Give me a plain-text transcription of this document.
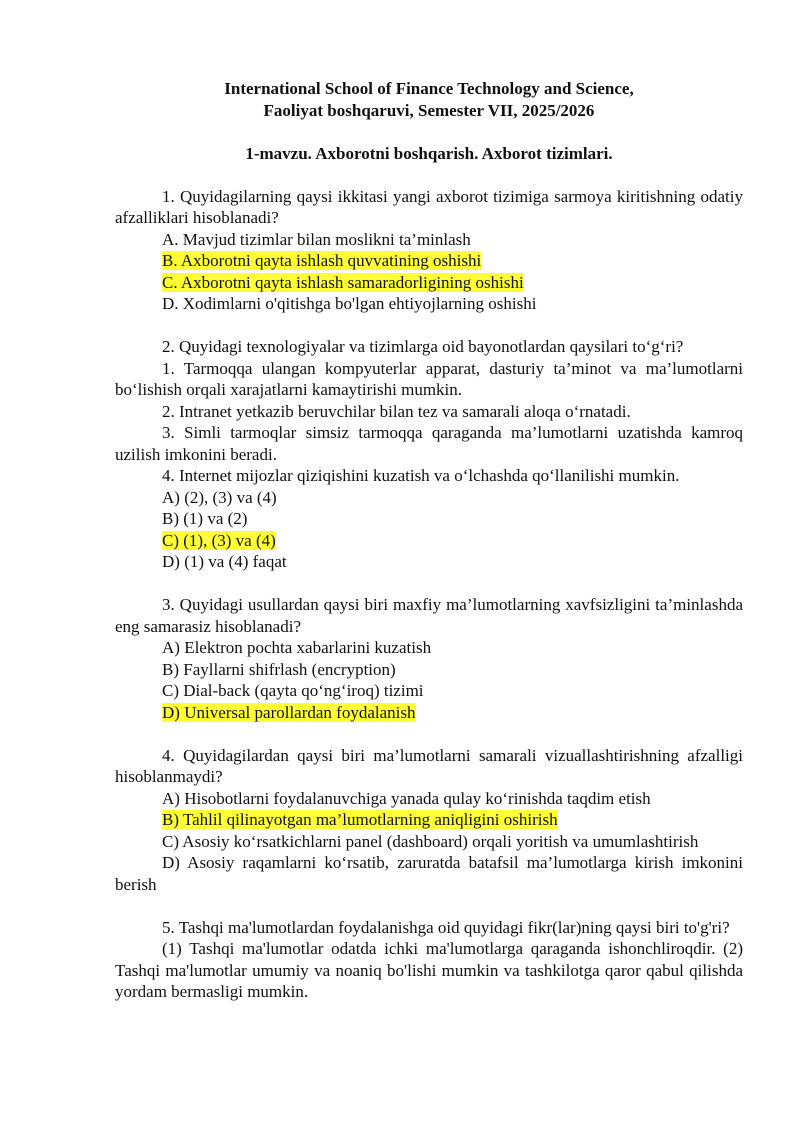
International School of Finance Technology and Science,
Faoliyat boshqaruvi, Semester VII, 2025/2026
1-mavzu. Axborotni boshqarish. Axborot tizimlari.
1. Quyidagilarning qaysi ikkitasi yangi axborot tizimiga sarmoya kiritishning odatiy afzalliklari hisoblanadi?
A. Mavjud tizimlar bilan moslikni ta’minlash
B. Axborotni qayta ishlash quvvatining oshishi
C. Axborotni qayta ishlash samaradorligining oshishi
D. Xodimlarni o'qitishga bo'lgan ehtiyojlarning oshishi
2. Quyidagi texnologiyalar va tizimlarga oid bayonotlardan qaysilari to‘g‘ri?
1. Tarmoqqa ulangan kompyuterlar apparat, dasturiy ta’minot va ma’lumotlarni bo‘lishish orqali xarajatlarni kamaytirishi mumkin.
2. Intranet yetkazib beruvchilar bilan tez va samarali aloqa o‘rnatadi.
3. Simli tarmoqlar simsiz tarmoqqa qaraganda ma’lumotlarni uzatishda kamroq uzilish imkonini beradi.
4. Internet mijozlar qiziqishini kuzatish va o‘lchashda qo‘llanilishi mumkin.
A) (2), (3) va (4)
B) (1) va (2)
C) (1), (3) va (4)
D) (1) va (4) faqat
3. Quyidagi usullardan qaysi biri maxfiy ma’lumotlarning xavfsizligini ta’minlashda eng samarasiz hisoblanadi?
A) Elektron pochta xabarlarini kuzatish
B) Fayllarni shifrlash (encryption)
C) Dial-back (qayta qo‘ng‘iroq) tizimi
D) Universal parollardan foydalanish
4. Quyidagilardan qaysi biri ma’lumotlarni samarali vizuallashtirishning afzalligi hisoblanmaydi?
A) Hisobotlarni foydalanuvchiga yanada qulay ko‘rinishda taqdim etish
B) Tahlil qilinayotgan ma’lumotlarning aniqligini oshirish
C) Asosiy ko‘rsatkichlarni panel (dashboard) orqali yoritish va umumlashtirish
D) Asosiy raqamlarni ko‘rsatib, zaruratda batafsil ma’lumotlarga kirish imkonini berish
5. Tashqi ma'lumotlardan foydalanishga oid quyidagi fikr(lar)ning qaysi biri to'g'ri?
(1) Tashqi ma'lumotlar odatda ichki ma'lumotlarga qaraganda ishonchliroqdir. (2) Tashqi ma'lumotlar umumiy va noaniq bo'lishi mumkin va tashkilotga qaror qabul qilishda yordam bermasligi mumkin.
